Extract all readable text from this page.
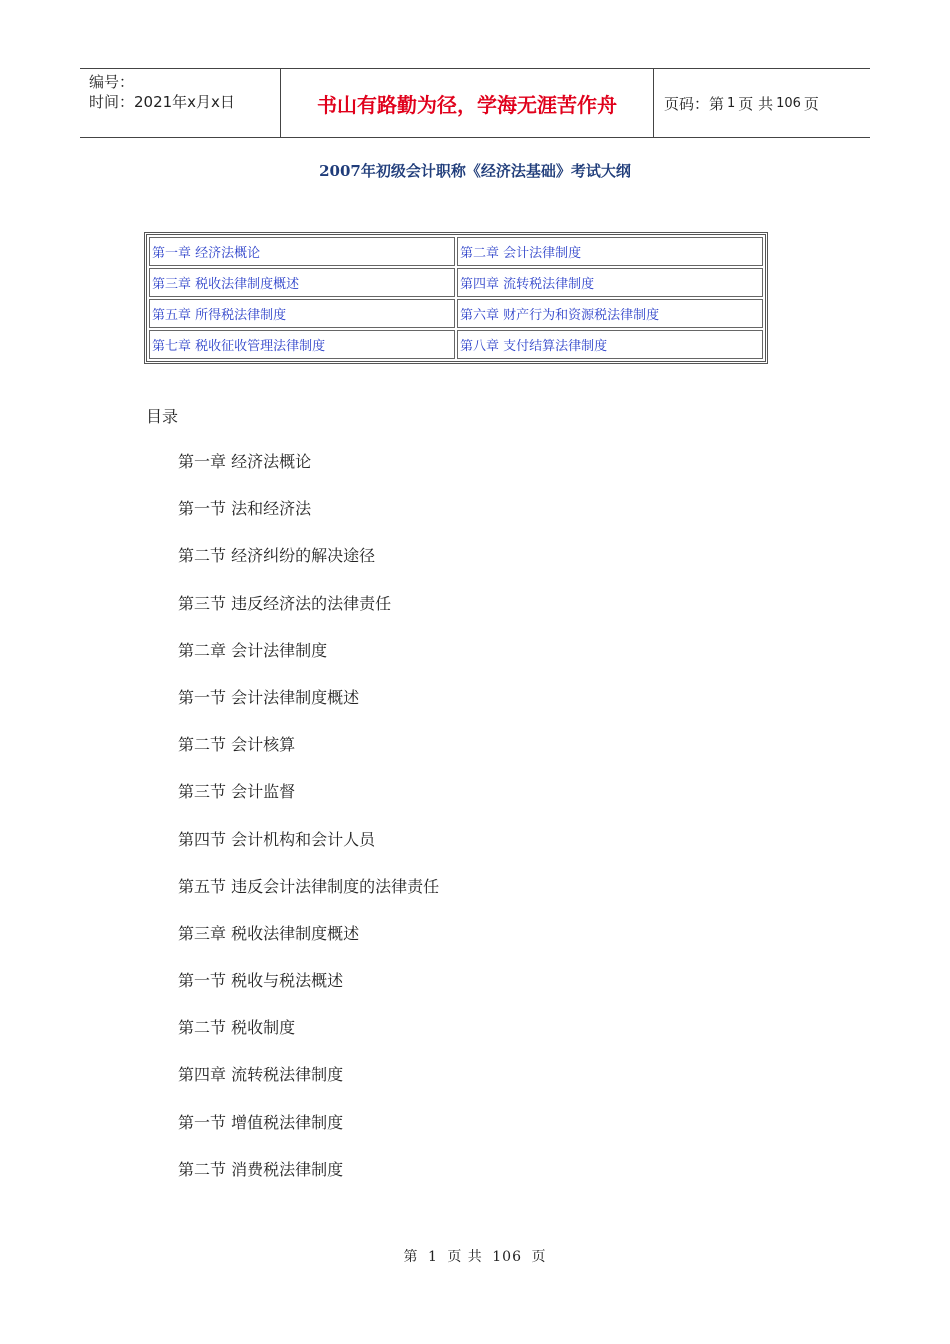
编号：
时间：2021年x月x日	书山有路勤为径，学海无涯苦作舟	页码：第 1 页 共 106 页
2007年初级会计职称《经济法基础》考试大纲
第一章 经济法概论	第二章 会计法律制度
第三章 税收法律制度概述	第四章 流转税法律制度
第五章 所得税法律制度	第六章 财产行为和资源税法律制度
第七章 税收征收管理法律制度	第八章 支付结算法律制度
目录
第一章 经济法概论
第一节 法和经济法
第二节 经济纠纷的解决途径
第三节 违反经济法的法律责任
第二章 会计法律制度
第一节 会计法律制度概述
第二节 会计核算
第三节 会计监督
第四节 会计机构和会计人员
第五节 违反会计法律制度的法律责任
第三章 税收法律制度概述
第一节 税收与税法概述
第二节 税收制度
第四章 流转税法律制度
第一节 增值税法律制度
第二节 消费税法律制度
第 1 页 共 106 页
